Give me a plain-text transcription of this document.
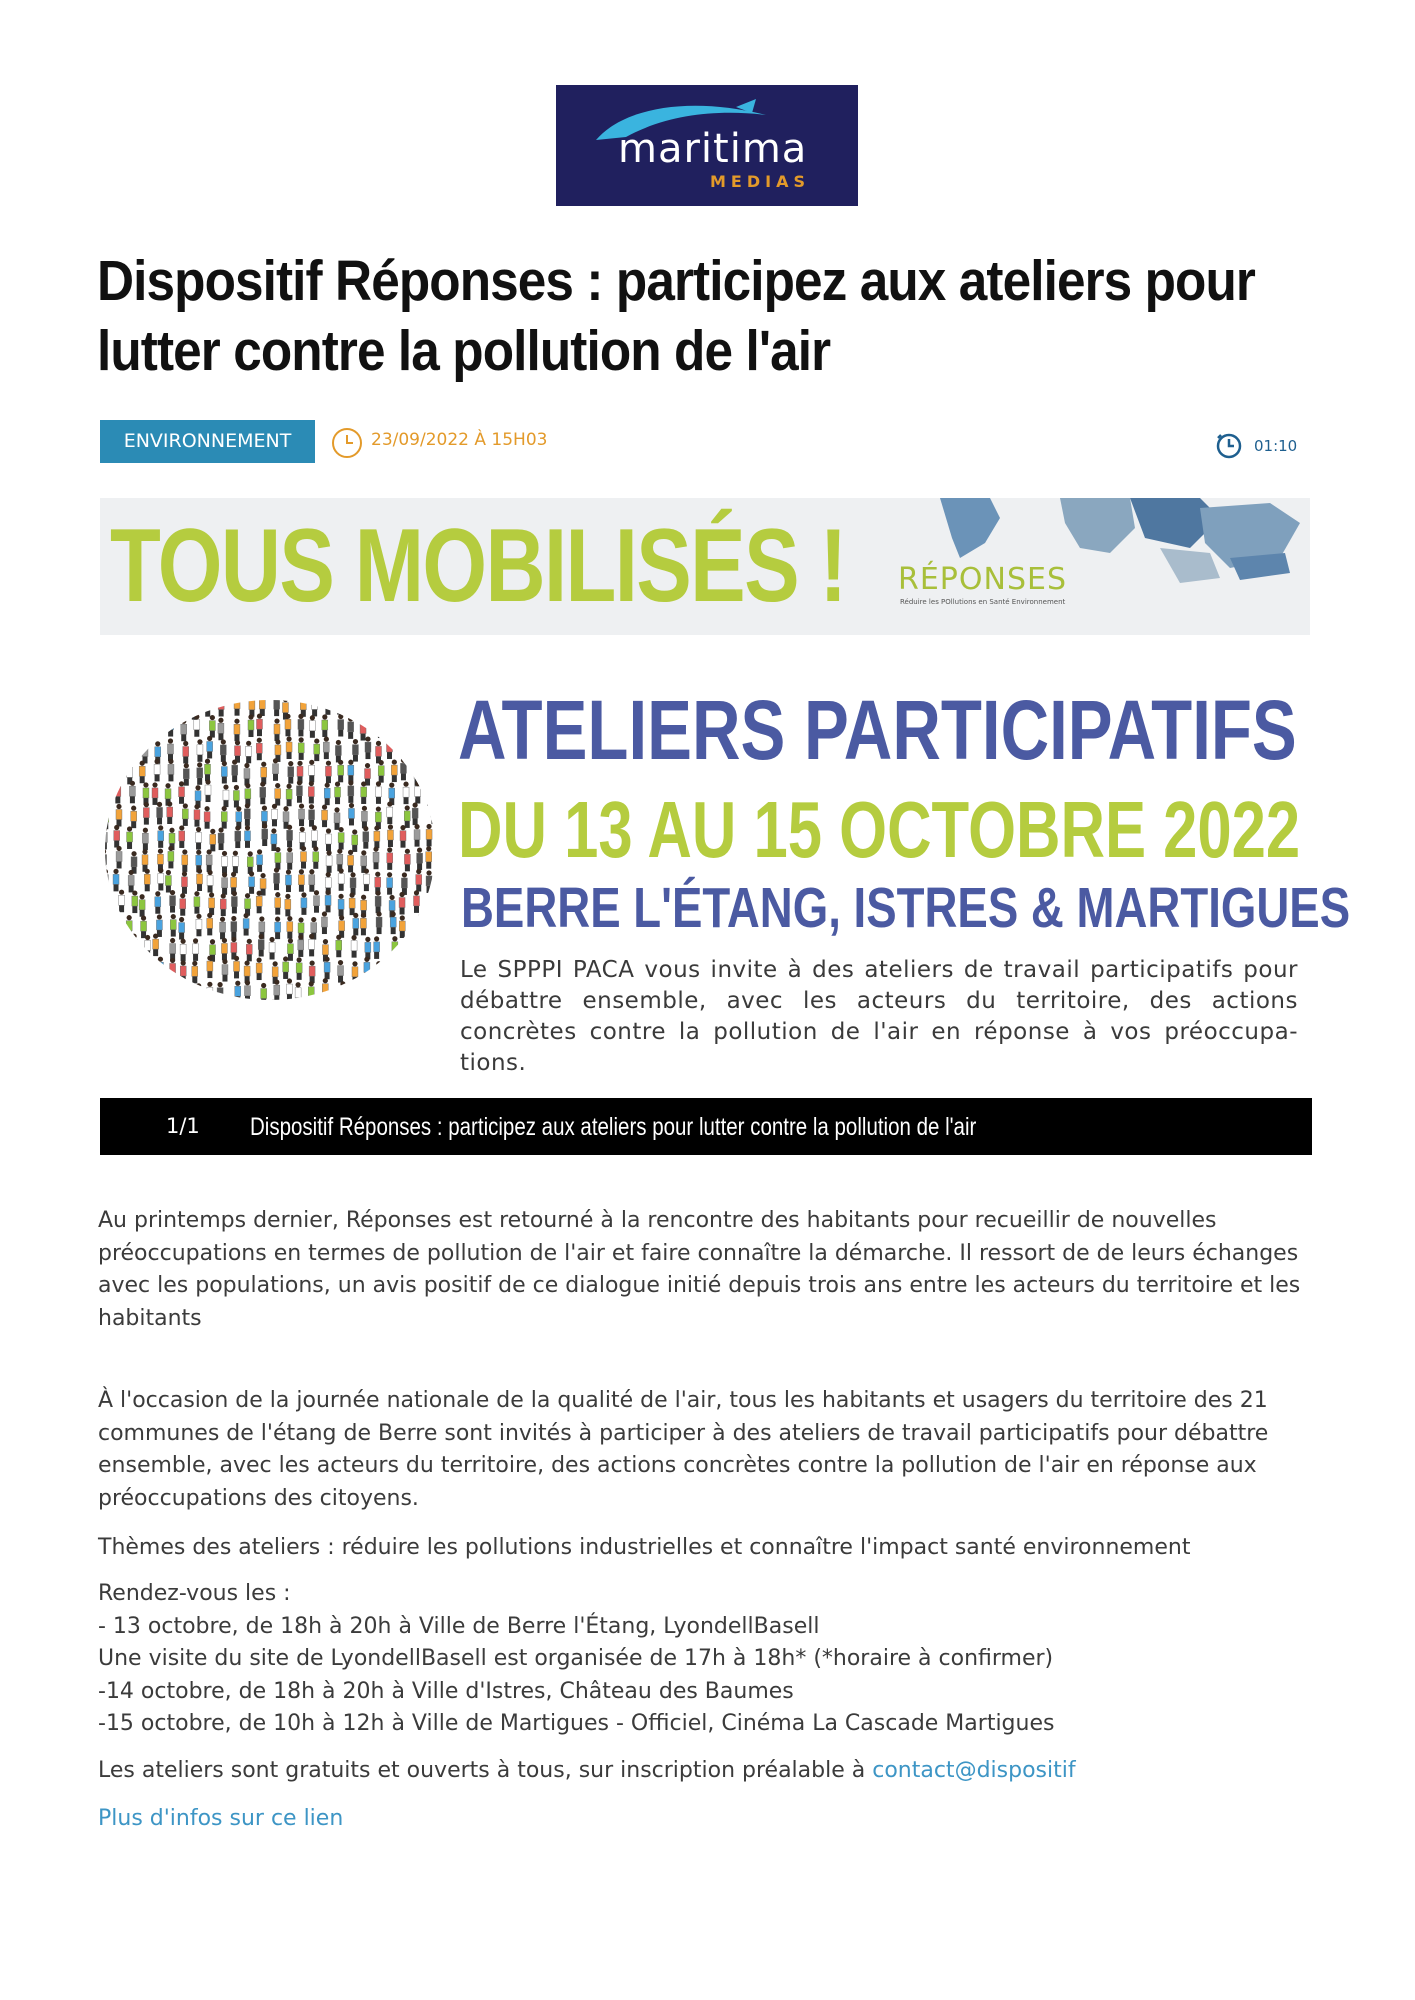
maritima
MEDIAS
Dispositif Réponses : participez aux ateliers pour lutter contre la pollution de l'air
ENVIRONNEMENT	23/09/2022 À 15H03	01:10
TOUS MOBILISÉS ! RÉPONSES
Réduire les POllutions en Santé Environnement
ATELIERS PARTICIPATIFS
DU 13 AU 15 OCTOBRE 2022
BERRE L'ÉTANG, ISTRES & MARTIGUES

Le SPPPI PACA vous invite à des ateliers de travail participatifs pour débattre ensemble, avec les acteurs du territoire, des actions concrètes contre la pollution de l'air en réponse à vos préoccupa-tions.

1/1 Dispositif Réponses : participez aux ateliers pour lutter contre la pollution de l'air

Au printemps dernier, Réponses est retourné à la rencontre des habitants pour recueillir de nouvelles préoccupations en termes de pollution de l'air et faire connaître la démarche. Il ressort de de leurs échanges avec les populations, un avis positif de ce dialogue initié depuis trois ans entre les acteurs du territoire et les habitants

À l'occasion de la journée nationale de la qualité de l'air, tous les habitants et usagers du territoire des 21 communes de l'étang de Berre sont invités à participer à des ateliers de travail participatifs pour débattre ensemble, avec les acteurs du territoire, des actions concrètes contre la pollution de l'air en réponse aux préoccupations des citoyens.

Thèmes des ateliers : réduire les pollutions industrielles et connaître l'impact santé environnement

Rendez-vous les :
- 13 octobre, de 18h à 20h à Ville de Berre l'Étang, LyondellBasell
Une visite du site de LyondellBasell est organisée de 17h à 18h* (*horaire à confirmer)
-14 octobre, de 18h à 20h à Ville d'Istres, Château des Baumes
-15 octobre, de 10h à 12h à Ville de Martigues - Officiel, Cinéma La Cascade Martigues

Les ateliers sont gratuits et ouverts à tous, sur inscription préalable à contact@dispositif

Plus d'infos sur ce lien
